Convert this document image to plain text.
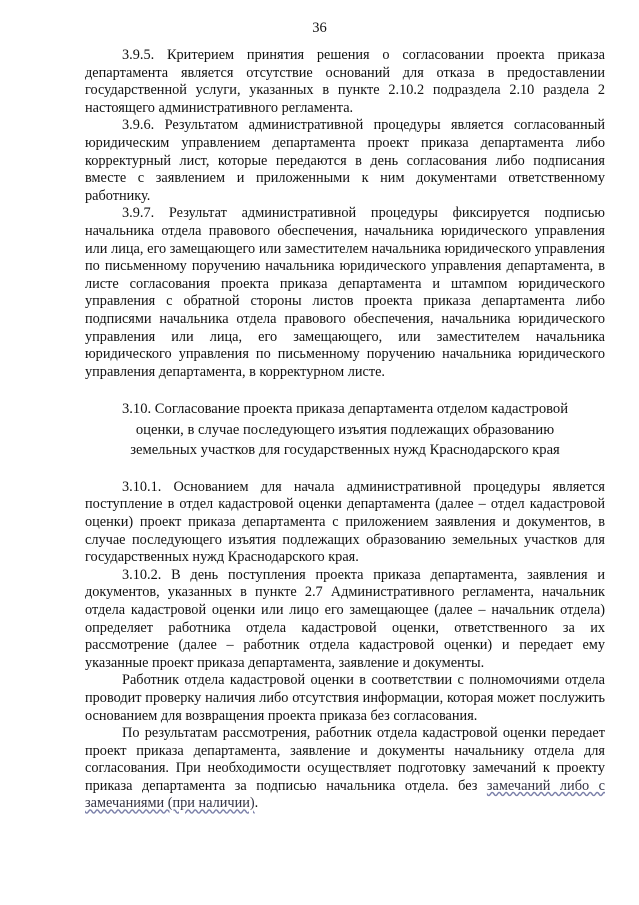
36

3.9.5. Критерием принятия решения о согласовании проекта приказа департамента является отсутствие оснований для отказа в предоставлении государственной услуги, указанных в пункте 2.10.2 подраздела 2.10 раздела 2 настоящего административного регламента.

3.9.6. Результатом административной процедуры является согласованный юридическим управлением департамента проект приказа департамента либо корректурный лист, которые передаются в день согласования либо подписания вместе с заявлением и приложенными к ним документами ответственному работнику.

3.9.7. Результат административной процедуры фиксируется подписью начальника отдела правового обеспечения, начальника юридического управления или лица, его замещающего или заместителем начальника юридического управления по письменному поручению начальника юридического управления департамента, в листе согласования проекта приказа департамента и штампом юридического управления с обратной стороны листов проекта приказа департамента либо подписями начальника отдела правового обеспечения, начальника юридического управления или лица, его замещающего, или заместителем начальника юридического управления по письменному поручению начальника юридического управления департамента, в корректурном листе.

3.10. Согласование проекта приказа департамента отделом кадастровой
оценки, в случае последующего изъятия подлежащих образованию
земельных участков для государственных нужд Краснодарского края

3.10.1. Основанием для начала административной процедуры является поступление в отдел кадастровой оценки департамента (далее – отдел кадастровой оценки) проект приказа департамента с приложением заявления и документов, в случае последующего изъятия подлежащих образованию земельных участков для государственных нужд Краснодарского края.

3.10.2. В день поступления проекта приказа департамента, заявления и документов, указанных в пункте 2.7 Административного регламента, начальник отдела кадастровой оценки или лицо его замещающее (далее – начальник отдела) определяет работника отдела кадастровой оценки, ответственного за их рассмотрение (далее – работник отдела кадастровой оценки) и передает ему указанные проект приказа департамента, заявление и документы.

Работник отдела кадастровой оценки в соответствии с полномочиями отдела проводит проверку наличия либо отсутствия информации, которая может послужить основанием для возвращения проекта приказа без согласования.

По результатам рассмотрения, работник отдела кадастровой оценки передает проект приказа департамента, заявление и документы начальнику отдела для согласования. При необходимости осуществляет подготовку замечаний к проекту приказа департамента за подписью начальника отдела. без замечаний либо с замечаниями (при наличии).
